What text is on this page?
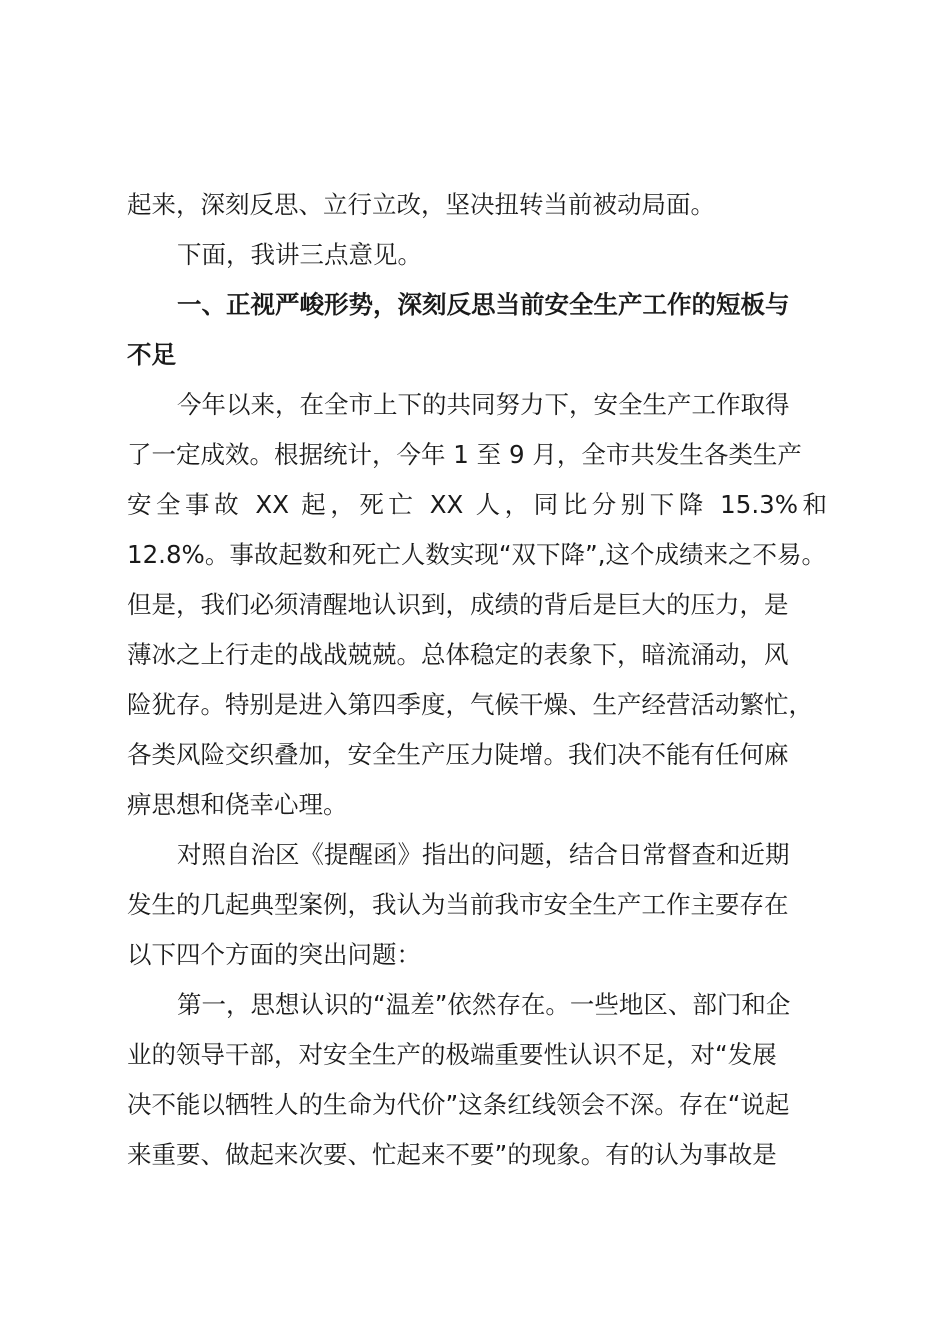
起来，深刻反思、立行立改，坚决扭转当前被动局面。
下面，我讲三点意见。
一、正视严峻形势，深刻反思当前安全生产工作的短板与
不足
今年以来，在全市上下的共同努力下，安全生产工作取得
了一定成效。根据统计，今年 1 至 9 月，全市共发生各类生产
安全事故 XX 起，死亡 XX 人，同比分别下降 15.3%和
12.8%。事故起数和死亡人数实现“双下降”,这个成绩来之不易。
但是，我们必须清醒地认识到，成绩的背后是巨大的压力，是
薄冰之上行走的战战兢兢。总体稳定的表象下，暗流涌动，风
险犹存。特别是进入第四季度，气候干燥、生产经营活动繁忙，
各类风险交织叠加，安全生产压力陡增。我们决不能有任何麻
痹思想和侥幸心理。
对照自治区《提醒函》指出的问题，结合日常督查和近期
发生的几起典型案例，我认为当前我市安全生产工作主要存在
以下四个方面的突出问题：
第一，思想认识的“温差”依然存在。一些地区、部门和企
业的领导干部，对安全生产的极端重要性认识不足，对“发展
决不能以牺牲人的生命为代价”这条红线领会不深。存在“说起
来重要、做起来次要、忙起来不要”的现象。有的认为事故是
